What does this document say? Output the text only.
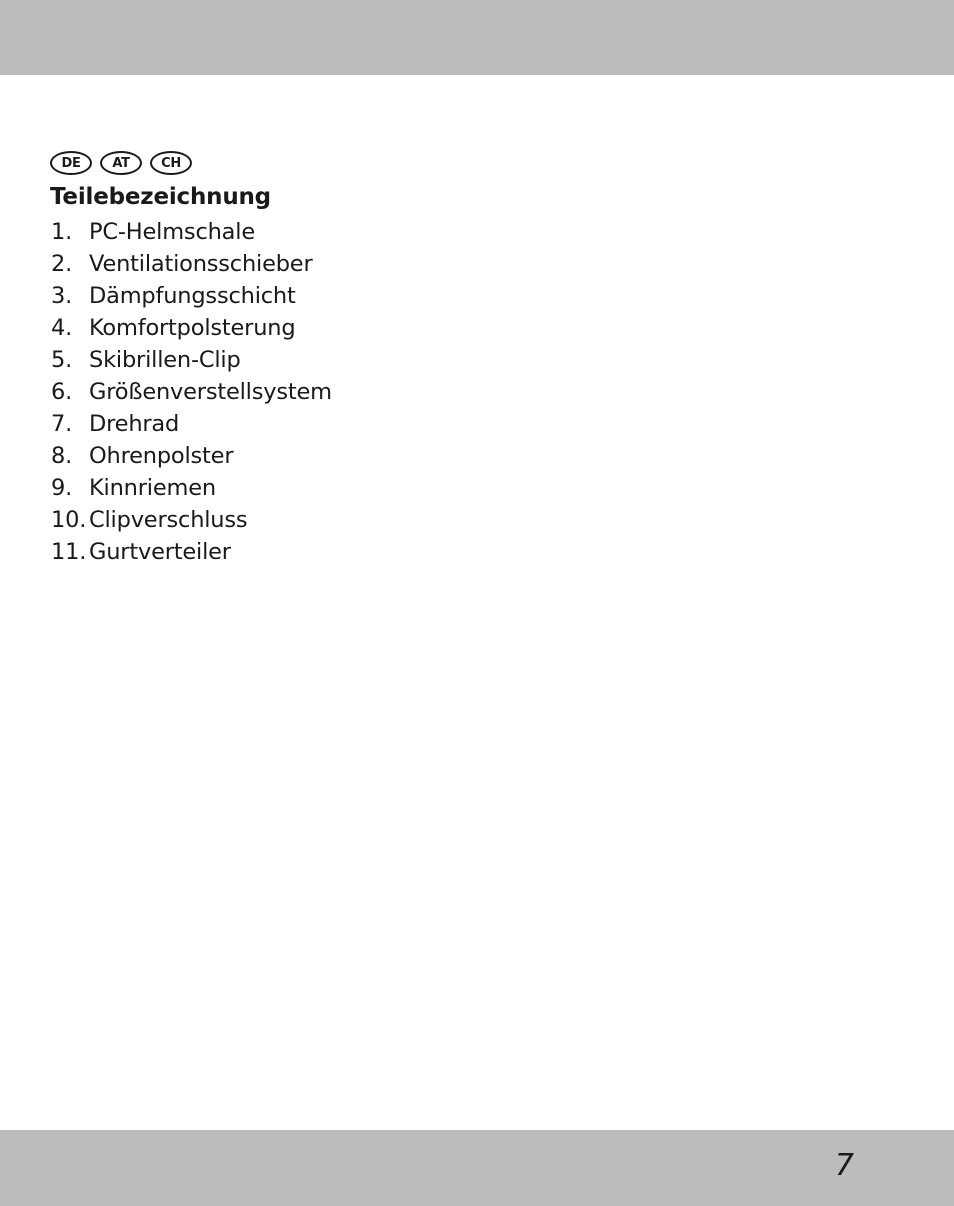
DE	AT	CH
Teilebezeichnung
1. PC-Helmschale
2. Ventilationsschieber
3. Dämpfungsschicht
4. Komfortpolsterung
5. Skibrillen-Clip
6. Größenverstellsystem
7. Drehrad
8. Ohrenpolster
9. Kinnriemen
10. Clipverschluss
11. Gurtverteiler
7
